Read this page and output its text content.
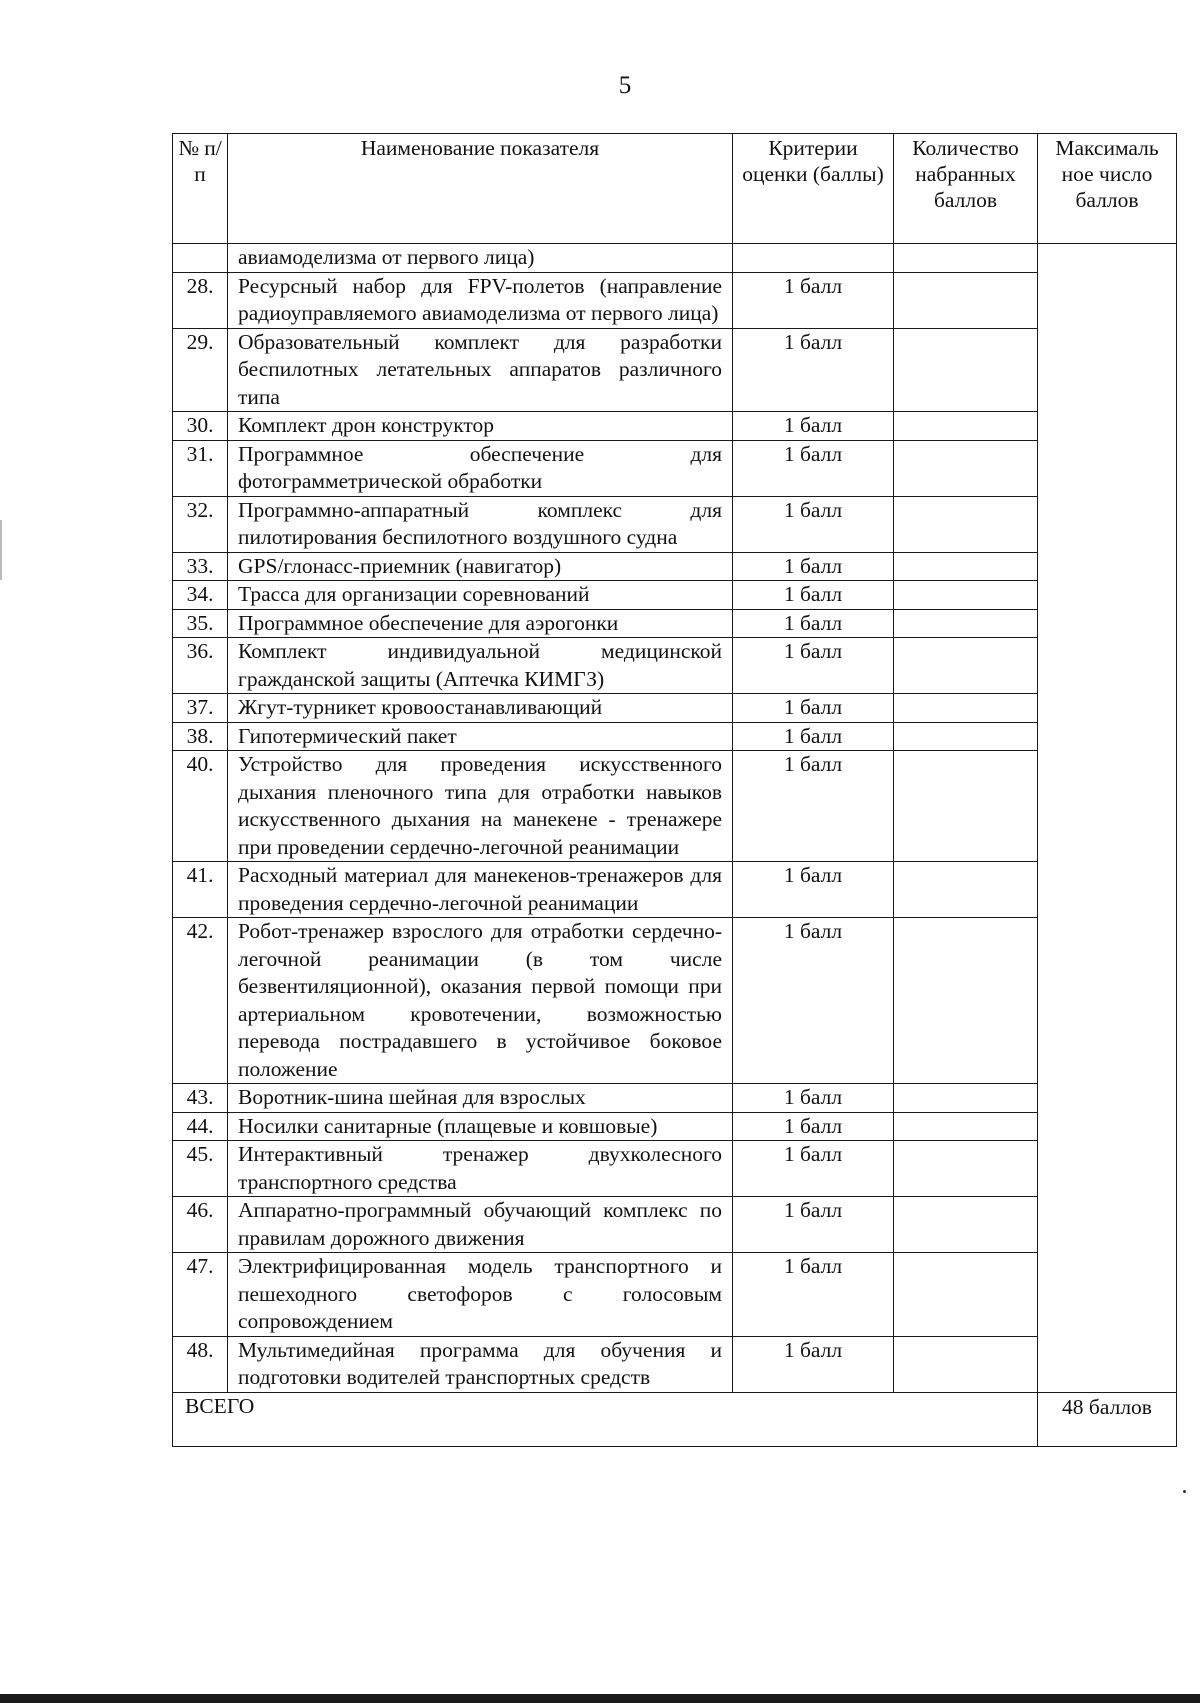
5
№ п/п	Наименование показателя	Критерии оценки (баллы)	Количество набранных баллов	Максималь ное число баллов
	авиамоделизма от первого лица)			
28.	Ресурсный набор для FPV-полетов (направление радиоуправляемого авиамоделизма от первого лица)	1 балл		
29.	Образовательный комплект для разработки беспилотных летательных аппаратов различного типа	1 балл		
30.	Комплект дрон конструктор	1 балл		
31.	Программное обеспечение для фотограмметрической обработки	1 балл		
32.	Программно-аппаратный комплекс для пилотирования беспилотного воздушного судна	1 балл		
33.	GPS/глонасс-приемник (навигатор)	1 балл		
34.	Трасса для организации соревнований	1 балл		
35.	Программное обеспечение для аэрогонки	1 балл		
36.	Комплект индивидуальной медицинской гражданской защиты (Аптечка КИМГЗ)	1 балл		
37.	Жгут-турникет кровоостанавливающий	1 балл		
38.	Гипотермический пакет	1 балл		
40.	Устройство для проведения искусственного дыхания пленочного типа для отработки навыков искусственного дыхания на манекене - тренажере при проведении сердечно-легочной реанимации	1 балл		
41.	Расходный материал для манекенов-тренажеров для проведения сердечно-легочной реанимации	1 балл		
42.	Робот-тренажер взрослого для отработки сердечно-легочной реанимации (в том числе безвентиляционной), оказания первой помощи при артериальном кровотечении, возможностью перевода пострадавшего в устойчивое боковое положение	1 балл		
43.	Воротник-шина шейная для взрослых	1 балл		
44.	Носилки санитарные (плащевые и ковшовые)	1 балл		
45.	Интерактивный тренажер двухколесного транспортного средства	1 балл		
46.	Аппаратно-программный обучающий комплекс по правилам дорожного движения	1 балл		
47.	Электрифицированная модель транспортного и пешеходного светофоров с голосовым сопровождением	1 балл		
48.	Мультимедийная программа для обучения и подготовки водителей транспортных средств	1 балл		
ВСЕГО				48 баллов
